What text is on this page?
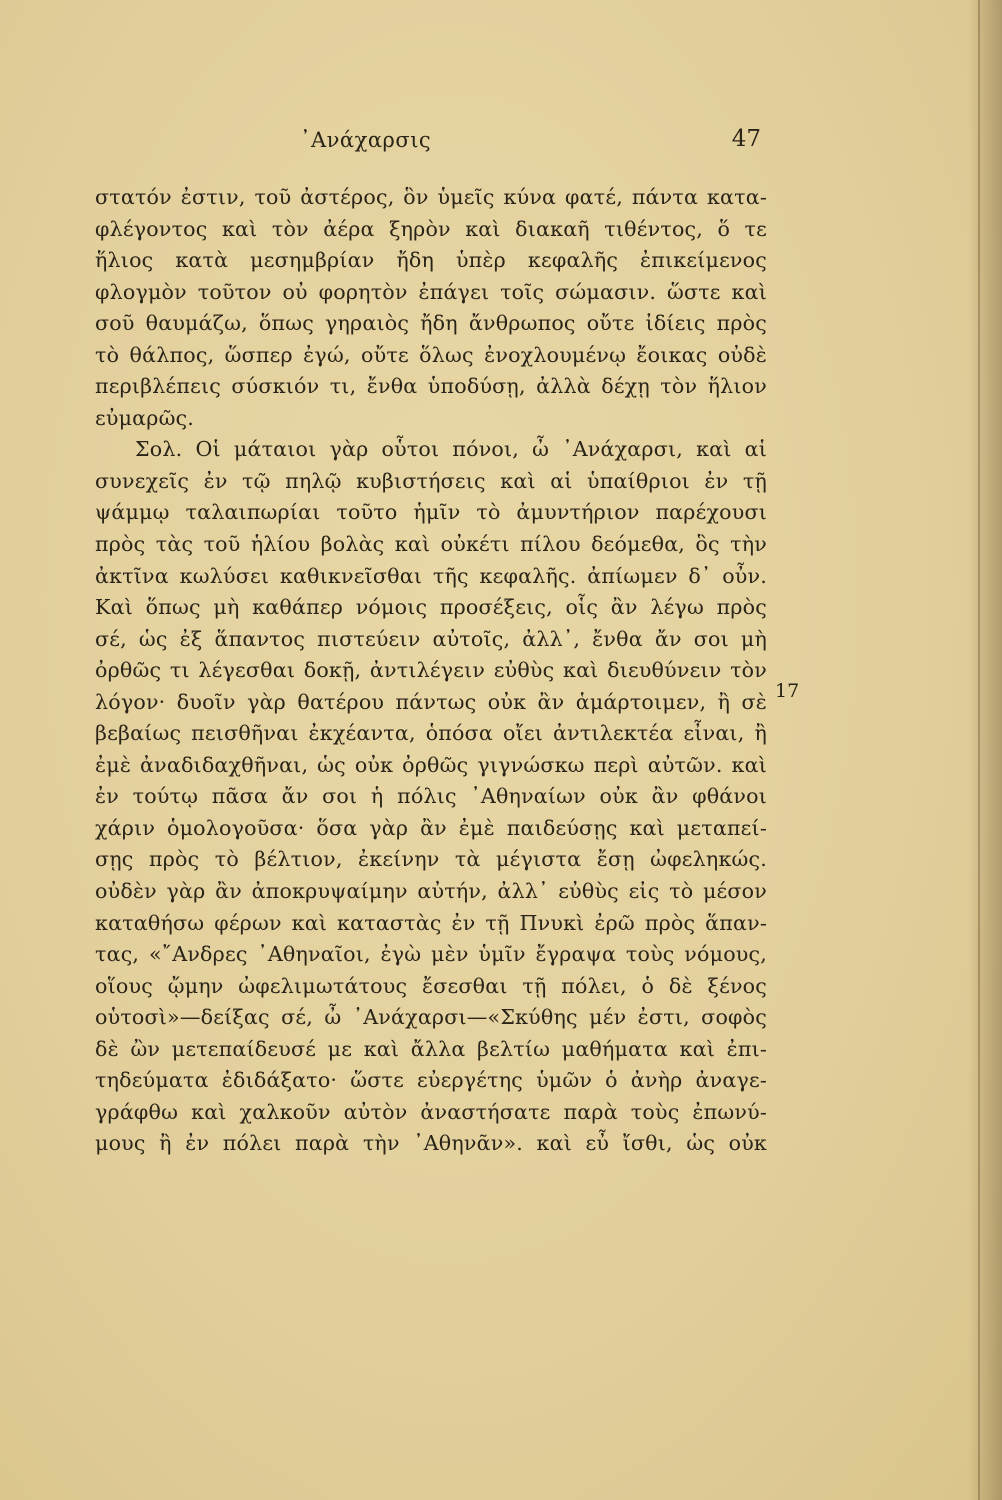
᾿Ανάχαρσις	47
στατόν ἐστιν, τοῦ ἀστέρος, ὃν ὑμεῖς κύνα φατέ, πάντα κατα-
φλέγοντος καὶ τὸν ἀέρα ξηρὸν καὶ διακαῆ τιθέντος, ὅ τε
ἥλιος κατὰ μεσημβρίαν ἤδη ὑπὲρ κεφαλῆς ἐπικείμενος
φλογμὸν τοῦτον οὐ φορητὸν ἐπάγει τοῖς σώμασιν. ὥστε καὶ
σοῦ θαυμάζω, ὅπως γηραιὸς ἤδη ἄνθρωπος οὔτε ἰδίεις πρὸς
τὸ θάλπος, ὥσπερ ἐγώ, οὔτε ὅλως ἐνοχλουμένῳ ἔοικας οὐδὲ
περιβλέπεις σύσκιόν τι, ἔνθα ὑποδύσῃ, ἀλλὰ δέχῃ τὸν ἥλιον
εὐμαρῶς.
Σολ. Οἱ μάταιοι γὰρ οὗτοι πόνοι, ὦ ᾿Ανάχαρσι, καὶ αἱ
συνεχεῖς ἐν τῷ πηλῷ κυβιστήσεις καὶ αἱ ὑπαίθριοι ἐν τῇ
ψάμμῳ ταλαιπωρίαι τοῦτο ἡμῖν τὸ ἀμυντήριον παρέχουσι
πρὸς τὰς τοῦ ἡλίου βολὰς καὶ οὐκέτι πίλου δεόμεθα, ὃς τὴν
ἀκτῖνα κωλύσει καθικνεῖσθαι τῆς κεφαλῆς. ἀπίωμεν δ᾿ οὖν.
Καὶ ὅπως μὴ καθάπερ νόμοις προσέξεις, οἷς ἂν λέγω πρὸς
σέ, ὡς ἐξ ἅπαντος πιστεύειν αὐτοῖς, ἀλλ᾿, ἔνθα ἄν σοι μὴ
ὀρθῶς τι λέγεσθαι δοκῇ, ἀντιλέγειν εὐθὺς καὶ διευθύνειν τὸν
λόγον· δυοῖν γὰρ θατέρου πάντως οὐκ ἂν ἁμάρτοιμεν, ἢ σὲ
βεβαίως πεισθῆναι ἐκχέαντα, ὁπόσα οἴει ἀντιλεκτέα εἶναι, ἢ
ἐμὲ ἀναδιδαχθῆναι, ὡς οὐκ ὀρθῶς γιγνώσκω περὶ αὐτῶν. καὶ
ἐν τούτῳ πᾶσα ἄν σοι ἡ πόλις ᾿Αθηναίων οὐκ ἂν φθάνοι
χάριν ὁμολογοῦσα· ὅσα γὰρ ἂν ἐμὲ παιδεύσῃς καὶ μεταπεί-
σῃς πρὸς τὸ βέλτιον, ἐκείνην τὰ μέγιστα ἔσῃ ὠφεληκώς.
οὐδὲν γὰρ ἂν ἀποκρυψαίμην αὐτήν, ἀλλ᾿ εὐθὺς εἰς τὸ μέσον
καταθήσω φέρων καὶ καταστὰς ἐν τῇ Πνυκὶ ἐρῶ πρὸς ἅπαν-
τας, «῎Ανδρες ᾿Αθηναῖοι, ἐγὼ μὲν ὑμῖν ἔγραψα τοὺς νόμους,
οἵους ᾤμην ὠφελιμωτάτους ἔσεσθαι τῇ πόλει, ὁ δὲ ξένος
οὑτοσὶ»—δείξας σέ, ὦ ᾿Ανάχαρσι—«Σκύθης μέν ἐστι, σοφὸς
δὲ ὢν μετεπαίδευσέ με καὶ ἄλλα βελτίω μαθήματα καὶ ἐπι-
τηδεύματα ἐδιδάξατο· ὥστε εὐεργέτης ὑμῶν ὁ ἀνὴρ ἀναγε-
γράφθω καὶ χαλκοῦν αὐτὸν ἀναστήσατε παρὰ τοὺς ἐπωνύ-
μους ἢ ἐν πόλει παρὰ τὴν ᾿Αθηνᾶν». καὶ εὖ ἴσθι, ὡς οὐκ
17
